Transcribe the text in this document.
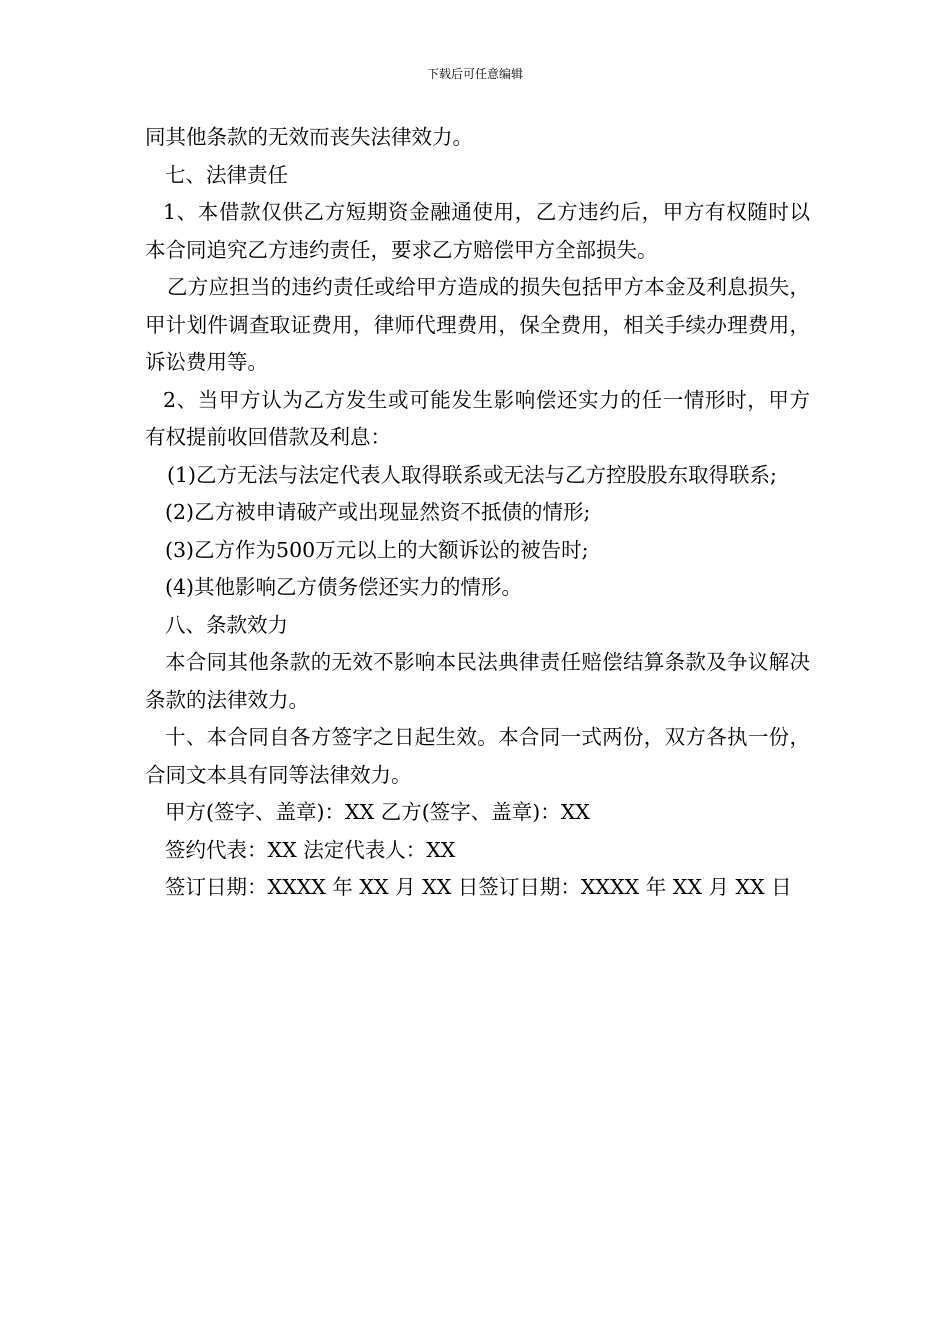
下载后可任意编辑

同其他条款的无效而丧失法律效力。

七、法律责任

1、本借款仅供乙方短期资金融通使用，乙方违约后，甲方有权随时以本合同追究乙方违约责任，要求乙方赔偿甲方全部损失。

乙方应担当的违约责任或给甲方造成的损失包括甲方本金及利息损失，甲计划件调查取证费用，律师代理费用，保全费用，相关手续办理费用，诉讼费用等。

2、当甲方认为乙方发生或可能发生影响偿还实力的任一情形时，甲方有权提前收回借款及利息：

(1)乙方无法与法定代表人取得联系或无法与乙方控股股东取得联系;

(2)乙方被申请破产或出现显然资不抵债的情形;

(3)乙方作为500万元以上的大额诉讼的被告时;

(4)其他影响乙方债务偿还实力的情形。

八、条款效力

本合同其他条款的无效不影响本民法典律责任赔偿结算条款及争议解决条款的法律效力。

十、本合同自各方签字之日起生效。本合同一式两份，双方各执一份，合同文本具有同等法律效力。

甲方(签字、盖章)：XX 乙方(签字、盖章)：XX

签约代表：XX 法定代表人：XX

签订日期：XXXX 年 XX 月 XX 日签订日期：XXXX 年 XX 月 XX 日
